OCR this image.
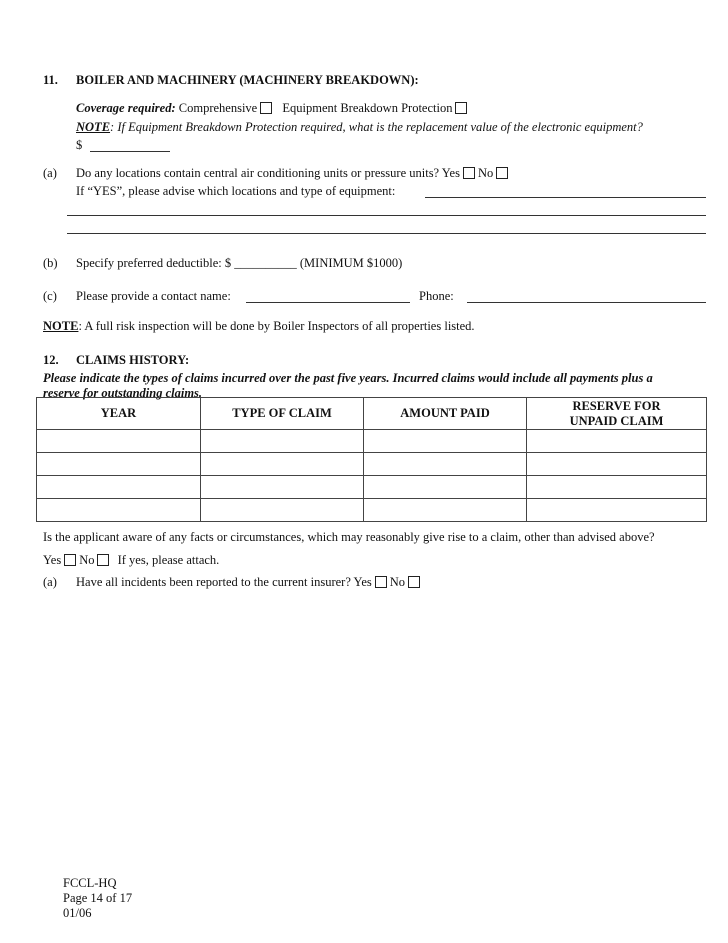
11. BOILER AND MACHINERY (MACHINERY BREAKDOWN):
Coverage required: Comprehensive Equipment Breakdown Protection
NOTE: If Equipment Breakdown Protection required, what is the replacement value of the electronic equipment?
$
(a) Do any locations contain central air conditioning units or pressure units? Yes No
If “YES”, please advise which locations and type of equipment:
(b) Specify preferred deductible: $ __________ (MINIMUM $1000)
(c) Please provide a contact name:	Phone:
NOTE: A full risk inspection will be done by Boiler Inspectors of all properties listed.
12. CLAIMS HISTORY:
Please indicate the types of claims incurred over the past five years. Incurred claims would include all payments plus a
reserve for outstanding claims.
YEAR	TYPE OF CLAIM	AMOUNT PAID	RESERVE FOR
UNPAID CLAIM

Is the applicant aware of any facts or circumstances, which may reasonably give rise to a claim, other than advised above?
Yes No If yes, please attach.
(a) Have all incidents been reported to the current insurer? Yes No
FCCL-HQ
Page 14 of 17
01/06
